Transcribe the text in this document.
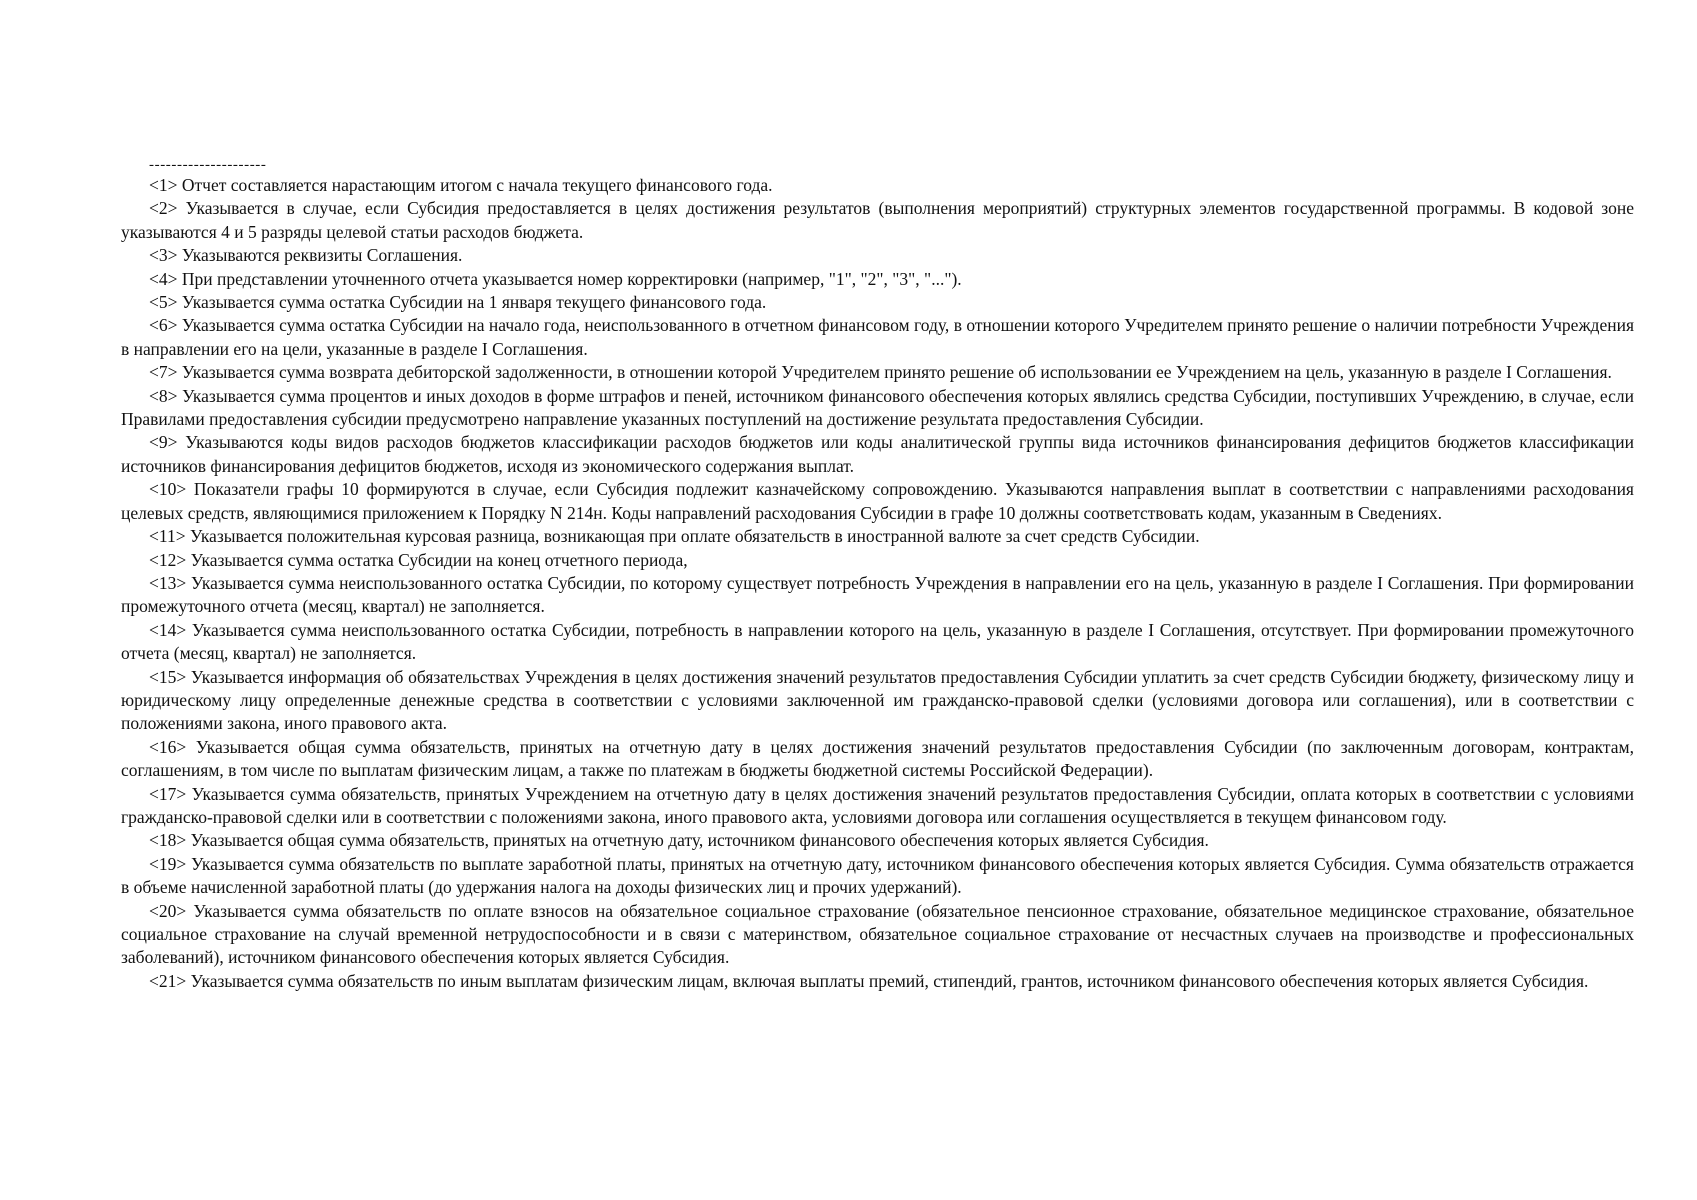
---------------------

<1> Отчет составляется нарастающим итогом с начала текущего финансового года.

<2> Указывается в случае, если Субсидия предоставляется в целях достижения результатов (выполнения мероприятий) структурных элементов государственной программы. В кодовой зоне указываются 4 и 5 разряды целевой статьи расходов бюджета.

<3> Указываются реквизиты Соглашения.

<4> При представлении уточненного отчета указывается номер корректировки (например, "1", "2", "3", "...").

<5> Указывается сумма остатка Субсидии на 1 января текущего финансового года.

<6> Указывается сумма остатка Субсидии на начало года, неиспользованного в отчетном финансовом году, в отношении которого Учредителем принято решение о наличии потребности Учреждения в направлении его на цели, указанные в разделе I Соглашения.

<7> Указывается сумма возврата дебиторской задолженности, в отношении которой Учредителем принято решение об использовании ее Учреждением на цель, указанную в разделе I Соглашения.

<8> Указывается сумма процентов и иных доходов в форме штрафов и пеней, источником финансового обеспечения которых являлись средства Субсидии, поступивших Учреждению, в случае, если Правилами предоставления субсидии предусмотрено направление указанных поступлений на достижение результата предоставления Субсидии.

<9> Указываются коды видов расходов бюджетов классификации расходов бюджетов или коды аналитической группы вида источников финансирования дефицитов бюджетов классификации источников финансирования дефицитов бюджетов, исходя из экономического содержания выплат.

<10> Показатели графы 10 формируются в случае, если Субсидия подлежит казначейскому сопровождению. Указываются направления выплат в соответствии с направлениями расходования целевых средств, являющимися приложением к Порядку N 214н. Коды направлений расходования Субсидии в графе 10 должны соответствовать кодам, указанным в Сведениях.

<11> Указывается положительная курсовая разница, возникающая при оплате обязательств в иностранной валюте за счет средств Субсидии.

<12> Указывается сумма остатка Субсидии на конец отчетного периода,

<13> Указывается сумма неиспользованного остатка Субсидии, по которому существует потребность Учреждения в направлении его на цель, указанную в разделе I Соглашения. При формировании промежуточного отчета (месяц, квартал) не заполняется.

<14> Указывается сумма неиспользованного остатка Субсидии, потребность в направлении которого на цель, указанную в разделе I Соглашения, отсутствует. При формировании промежуточного отчета (месяц, квартал) не заполняется.

<15> Указывается информация об обязательствах Учреждения в целях достижения значений результатов предоставления Субсидии уплатить за счет средств Субсидии бюджету, физическому лицу и юридическому лицу определенные денежные средства в соответствии с условиями заключенной им гражданско-правовой сделки (условиями договора или соглашения), или в соответствии с положениями закона, иного правового акта.

<16> Указывается общая сумма обязательств, принятых на отчетную дату в целях достижения значений результатов предоставления Субсидии (по заключенным договорам, контрактам, соглашениям, в том числе по выплатам физическим лицам, а также по платежам в бюджеты бюджетной системы Российской Федерации).

<17> Указывается сумма обязательств, принятых Учреждением на отчетную дату в целях достижения значений результатов предоставления Субсидии, оплата которых в соответствии с условиями гражданско-правовой сделки или в соответствии с положениями закона, иного правового акта, условиями договора или соглашения осуществляется в текущем финансовом году.

<18> Указывается общая сумма обязательств, принятых на отчетную дату, источником финансового обеспечения которых является Субсидия.

<19> Указывается сумма обязательств по выплате заработной платы, принятых на отчетную дату, источником финансового обеспечения которых является Субсидия. Сумма обязательств отражается в объеме начисленной заработной платы (до удержания налога на доходы физических лиц и прочих удержаний).

<20> Указывается сумма обязательств по оплате взносов на обязательное социальное страхование (обязательное пенсионное страхование, обязательное медицинское страхование, обязательное социальное страхование на случай временной нетрудоспособности и в связи с материнством, обязательное социальное страхование от несчастных случаев на производстве и профессиональных заболеваний), источником финансового обеспечения которых является Субсидия.

<21> Указывается сумма обязательств по иным выплатам физическим лицам, включая выплаты премий, стипендий, грантов, источником финансового обеспечения которых является Субсидия.
